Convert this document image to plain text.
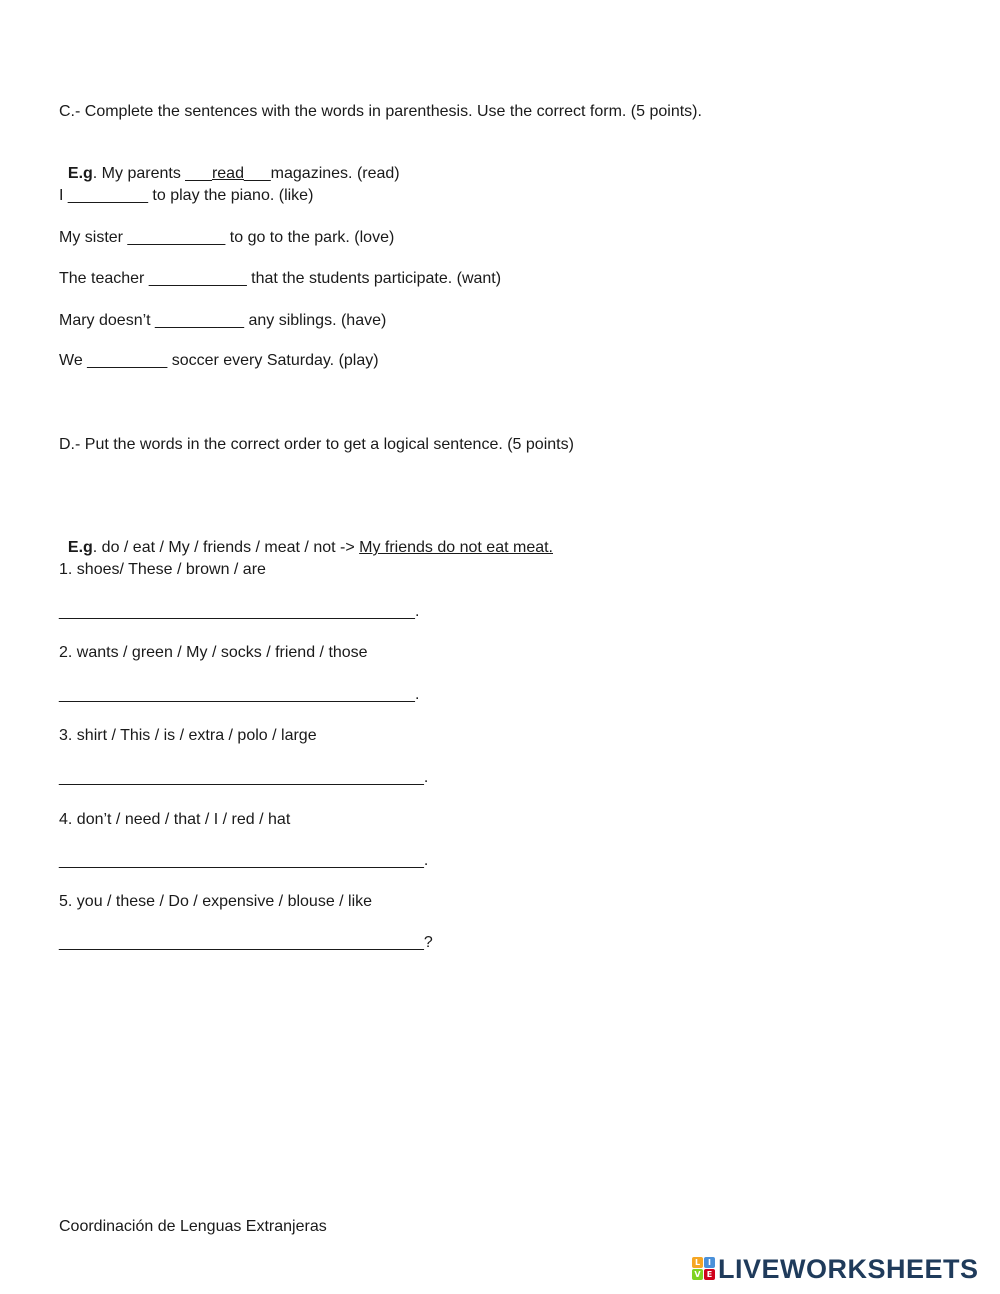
C.- Complete the sentences with the words in parenthesis. Use the correct form. (5 points).

E.g. My parents ___read___magazines. (read)

I _________ to play the piano. (like)
My sister ___________ to go to the park. (love)
The teacher ___________ that the students participate. (want)
Mary doesn’t __________ any siblings. (have)
We _________ soccer every Saturday. (play)
D.- Put the words in the correct order to get a logical sentence. (5 points)

E.g. do / eat / My / friends / meat / not -> My friends do not eat meat.

1. shoes/ These / brown / are
________________________________________.
2. wants / green / My / socks / friend / those
________________________________________.
3. shirt / This / is / extra / polo / large
_________________________________________.
4. don’t / need / that / I / red / hat
_________________________________________.
5. you / these / Do / expensive / blouse / like
_________________________________________?
Coordinación de Lenguas Extranjeras
L I
V E LIVEWORKSHEETS
